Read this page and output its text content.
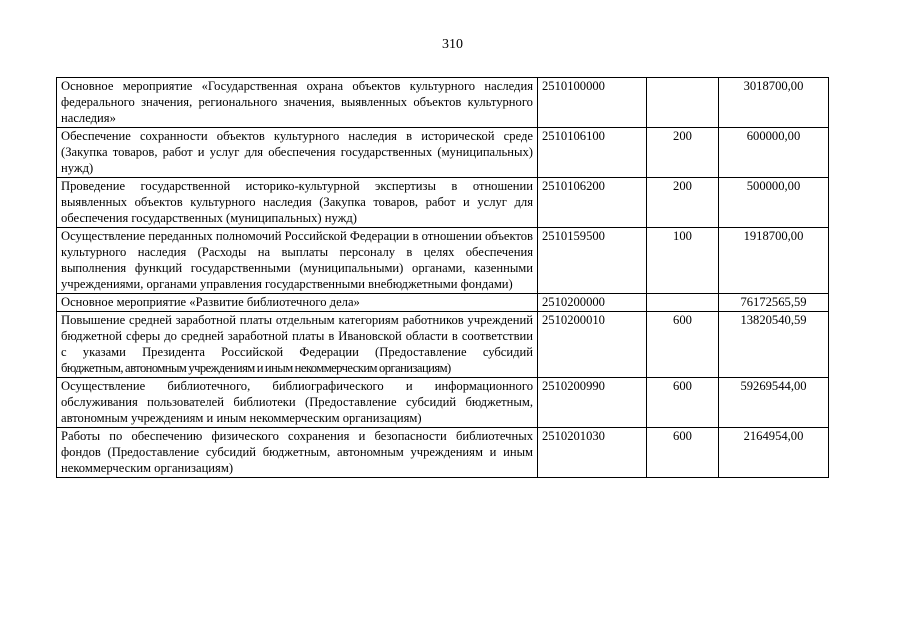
310
Основное мероприятие «Государственная охрана объектов культурного наследия федерального значения, регионального значения, выявленных объектов культурного наследия»	2510100000		3018700,00
Обеспечение сохранности объектов культурного наследия в исторической среде (Закупка товаров, работ и услуг для обеспечения государственных (муниципальных) нужд)	2510106100	200	600000,00
Проведение государственной историко-культурной экспертизы в отношении выявленных объектов культурного наследия (Закупка товаров, работ и услуг для обеспечения государственных (муниципальных) нужд)	2510106200	200	500000,00
Осуществление переданных полномочий Российской Федерации в отношении объектов культурного наследия (Расходы на выплаты персоналу в целях обеспечения выполнения функций государственными (муниципальными) органами, казенными учреждениями, органами управления государственными внебюджетными фондами)	2510159500	100	1918700,00
Основное мероприятие «Развитие библиотечного дела»	2510200000		76172565,59
Повышение средней заработной платы отдельным категориям работников учреждений бюджетной сферы до средней заработной платы в Ивановской области в соответствии с указами Президента Российской Федерации (Предоставление субсидий бюджетным, автономным учреждениям и иным некоммерческим организациям)	2510200010	600	13820540,59
Осуществление библиотечного, библиографического и информационного обслуживания пользователей библиотеки (Предоставление субсидий бюджетным, автономным учреждениям и иным некоммерческим организациям)	2510200990	600	59269544,00
Работы по обеспечению физического сохранения и безопасности библиотечных фондов (Предоставление субсидий бюджетным, автономным учреждениям и иным некоммерческим организациям)	2510201030	600	2164954,00
